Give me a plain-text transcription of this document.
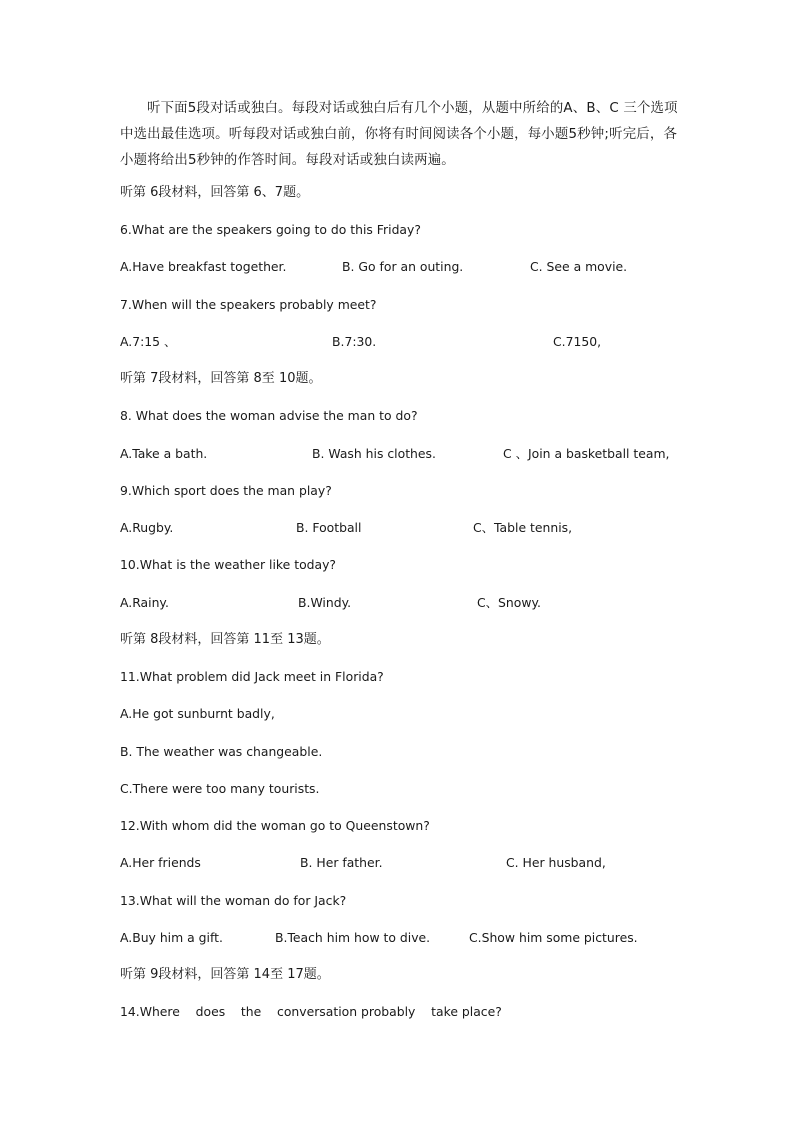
听下面5段对话或独白。每段对话或独白后有几个小题，从题中所给的A、B、C 三个选项中选出最佳选项。听每段对话或独白前，你将有时间阅读各个小题，每小题5秒钟;听完后，各小题将给出5秒钟的作答时间。每段对话或独白读两遍。

听第 6段材料，回答第 6、7题。

6.What are the speakers going to do this Friday?

A.Have breakfast together.	B. Go for an outing.	C. See a movie.

7.When will the speakers probably meet?

A.7:15 、	B.7:30.	C.7150,

听第 7段材料，回答第 8至 10题。

8. What does the woman advise the man to do?

A.Take a bath.	B. Wash his clothes.	C 、Join a basketball team,

9.Which sport does the man play?

A.Rugby.	B. Football	C、Table tennis,

10.What is the weather like today?

A.Rainy.	B.Windy.	C、Snowy.

听第 8段材料，回答第 11至 13题。

11.What problem did Jack meet in Florida?

A.He got sunburnt badly,

B. The weather was changeable.

C.There were too many tourists.

12.With whom did the woman go to Queenstown?

A.Her friends	B. Her father.	C. Her husband,

13.What will the woman do for Jack?

A.Buy him a gift.	B.Teach him how to dive.	C.Show him some pictures.

听第 9段材料，回答第 14至 17题。

14.Where    does    the    conversation probably    take place?
